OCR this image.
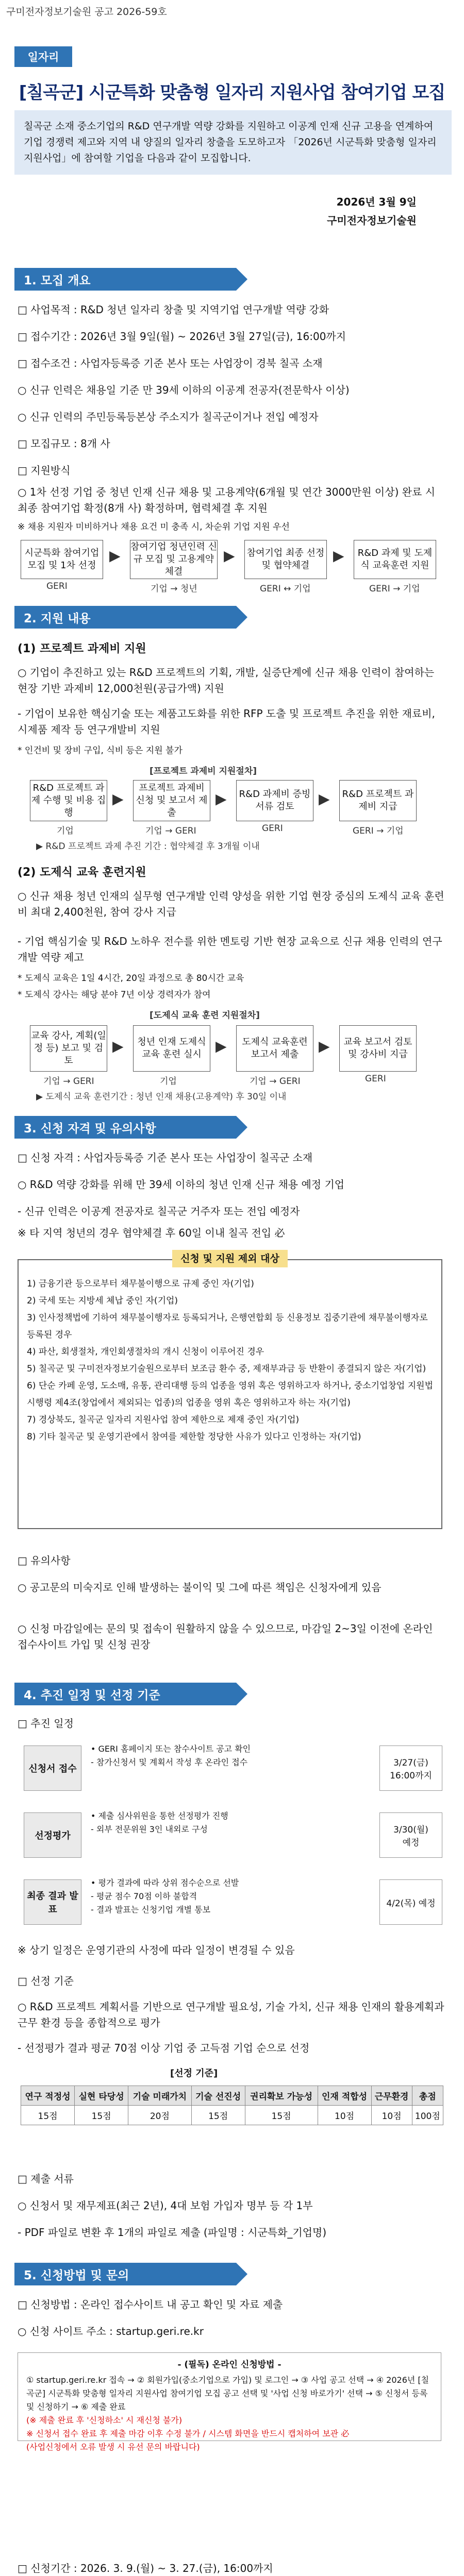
구미전자정보기술원 공고 2026-59호
일자리
[칠곡군] 시군특화 맞춤형 일자리 지원사업 참여기업 모집
칠곡군 소재 중소기업의 R&D 연구개발 역량 강화를 지원하고 이공계 인재 신규 고용을 연계하여 기업 경쟁력 제고와 지역 내 양질의 일자리 창출을 도모하고자 「2026년 시군특화 맞춤형 일자리 지원사업」에 참여할 기업을 다음과 같이 모집합니다.
2026년 3월 9일
구미전자정보기술원
1. 모집 개요
□ 사업목적 : R&D 청년 일자리 창출 및 지역기업 연구개발 역량 강화
□ 접수기간 : 2026년 3월 9일(월) ~ 2026년 3월 27일(금), 16:00까지
□ 접수조건 : 사업자등록증 기준 본사 또는 사업장이 경북 칠곡 소재
○ 신규 인력은 채용일 기준 만 39세 이하의 이공계 전공자(전문학사 이상)
○ 신규 인력의 주민등록등본상 주소지가 칠곡군이거나 전입 예정자
□ 모집규모 : 8개 사
□ 지원방식
○ 1차 선정 기업 중 청년 인재 신규 채용 및 고용계약(6개월 및 연간 3000만원 이상) 완료 시 최종 참여기업 확정(8개 사) 확정하며, 협력체결 후 지원
※ 채용 지원자 미비하거나 채용 요건 미 충족 시, 차순위 기업 지원 우선
시군특화 참여기업 모집 및 1차 선정
GERI
▶
참여기업 청년인력 신규 모집 및 고용계약 체결
기업 → 청년
▶ 참여기업 최종 선정 및 협약체결
GERI ↔ 기업
▶	R&D 과제 및 도제식 교육훈련 지원
GERI → 기업
2. 지원 내용
(1) 프로젝트 과제비 지원
○ 기업이 추진하고 있는 R&D 프로젝트의 기획, 개발, 실증단계에 신규 채용 인력이 참여하는 현장 기반 과제비 12,000천원(공급가액) 지원
- 기업이 보유한 핵심기술 또는 제품고도화를 위한 RFP 도출 및 프로젝트 추진을 위한 재료비, 시제품 제작 등 연구개발비 지원
* 인건비 및 장비 구입, 식비 등은 지원 불가
[프로젝트 과제비 지원절차]
R&D 프로젝트 과제 수행 및 비용 집행
기업
▶
프로젝트 과제비 신청 및 보고서 제출
기업 → GERI
▶	R&D 과제비 증빙 서류 검토
GERI
▶	R&D 프로젝트 과제비 지급
GERI → 기업
▶ R&D 프로젝트 과제 추진 기간 : 협약체결 후 3개월 이내
(2) 도제식 교육 훈련지원
○ 신규 채용 청년 인재의 실무형 연구개발 인력 양성을 위한 기업 현장 중심의 도제식 교육 훈련비 최대 2,400천원, 참여 강사 지급
- 기업 핵심기술 및 R&D 노하우 전수를 위한 멘토링 기반 현장 교육으로 신규 채용 인력의 연구개발 역량 제고
* 도제식 교육은 1일 4시간, 20일 과정으로 총 80시간 교육
* 도제식 강사는 해당 분야 7년 이상 경력자가 참여
[도제식 교육 훈련 지원절차]
교육 강사, 계획(일정 등) 보고 및 검토
기업 → GERI
▶	청년 인재 도제식 교육 훈련 실시
기업
▶	도제식 교육훈련 보고서 제출
기업 → GERI
▶	교육 보고서 검토 및 강사비 지급
GERI
▶ 도제식 교육 훈련기간 : 청년 인재 채용(고용계약) 후 30일 이내
3. 신청 자격 및 유의사항
□ 신청 자격 : 사업자등록증 기준 본사 또는 사업장이 칠곡군 소재
○ R&D 역량 강화를 위해 만 39세 이하의 청년 인재 신규 채용 예정 기업
- 신규 인력은 이공계 전공자로 칠곡군 거주자 또는 전입 예정자
※ 타 지역 청년의 경우 협약체결 후 60일 이내 칠곡 전입 必
신청 및 지원 제외 대상
1) 금융기관 등으로부터 채무불이행으로 규제 중인 자(기업)
2) 국세 또는 지방세 체납 중인 자(기업)
3) 인사정책법에 기하여 채무불이행자로 등록되거나, 은행연합회 등 신용정보 집중기관에 채무불이행자로 등록된 경우
4) 파산, 회생절차, 개인회생절차의 개시 신청이 이루어진 경우
5) 칠곡군 및 구미전자정보기술원으로부터 보조금 환수 중, 제재부과금 등 반환이 종결되지 않은 자(기업)
6) 단순 카페 운영, 도소매, 유통, 관리대행 등의 업종을 영위 혹은 영위하고자 하거나, 중소기업창업 지원법 시행령 제4조(창업에서 제외되는 업종)의 업종을 영위 혹은 영위하고자 하는 자(기업)
7) 경상북도, 칠곡군 일자리 지원사업 참여 제한으로 제재 중인 자(기업)
8) 기타 칠곡군 및 운영기관에서 참여를 제한할 정당한 사유가 있다고 인정하는 자(기업)
□ 유의사항
○ 공고문의 미숙지로 인해 발생하는 불이익 및 그에 따른 책임은 신청자에게 있음
○ 신청 마감일에는 문의 및 접속이 원활하지 않을 수 있으므로, 마감일 2~3일 이전에 온라인 접수사이트 가입 및 신청 권장
4. 추진 일정 및 선정 기준
□ 추진 일정
신청서 접수
• GERI 홈페이지 또는 참수사이트 공고 확인
- 참가신청서 및 계획서 작성 후 온라인 접수	3/27(금)
16:00까지
선정평가
• 제출 심사위원을 통한 선정평가 진행
- 외부 전문위원 3인 내외로 구성	3/30(월)
예정
최종 결과 발표
• 평가 결과에 따라 상위 점수순으로 선발
- 평균 점수 70점 이하 불합격
- 결과 발표는 신청기업 개별 통보
4/2(목) 예정
※ 상기 일정은 운영기관의 사정에 따라 일정이 변경될 수 있음
□ 선정 기준
○ R&D 프로젝트 계획서를 기반으로 연구개발 필요성, 기술 가치, 신규 채용 인재의 활용계획과 근무 환경 등을 종합적으로 평가
- 선정평가 결과 평균 70점 이상 기업 중 고득점 기업 순으로 선정
[선정 기준]
연구 적정성	실현 타당성	기술 미래가치	기술 선진성	권리확보 가능성	인재 적합성	근무환경	총점
15점	15점	20점	15점	15점	10점	10점	100점
□ 제출 서류
○ 신청서 및 재무제표(최근 2년), 4대 보험 가입자 명부 등 각 1부
- PDF 파일로 변환 후 1개의 파일로 제출 (파일명 : 시군특화_기업명)
5. 신청방법 및 문의
□ 신청방법 : 온라인 접수사이트 내 공고 확인 및 자료 제출
○ 신청 사이트 주소 : startup.geri.re.kr
- (필독) 온라인 신청방법 -
① startup.geri.re.kr 접속 → ② 회원가입(중소기업으로 가입) 및 로그인 → ③ 사업 공고 선택 → ④ 2026년 [칠곡군] 시군특화 맞춤형 일자리 지원사업 참여기업 모집 공고 선택 및 '사업 신청 바로가기' 선택 → ⑤ 신청서 등록 및 신청하기 → ⑥ 제출 완료
(※ 제출 완료 후 '신청하소' 시 재신청 불가)
※ 신청서 접수 완료 후 제출 마감 이후 수정 불가 / 시스템 화면을 반드시 캡처하여 보관 必
(사업신청에서 오류 발생 시 유선 문의 바랍니다)
□ 신청기간 : 2026. 3. 9.(월) ~ 3. 27.(금), 16:00까지
